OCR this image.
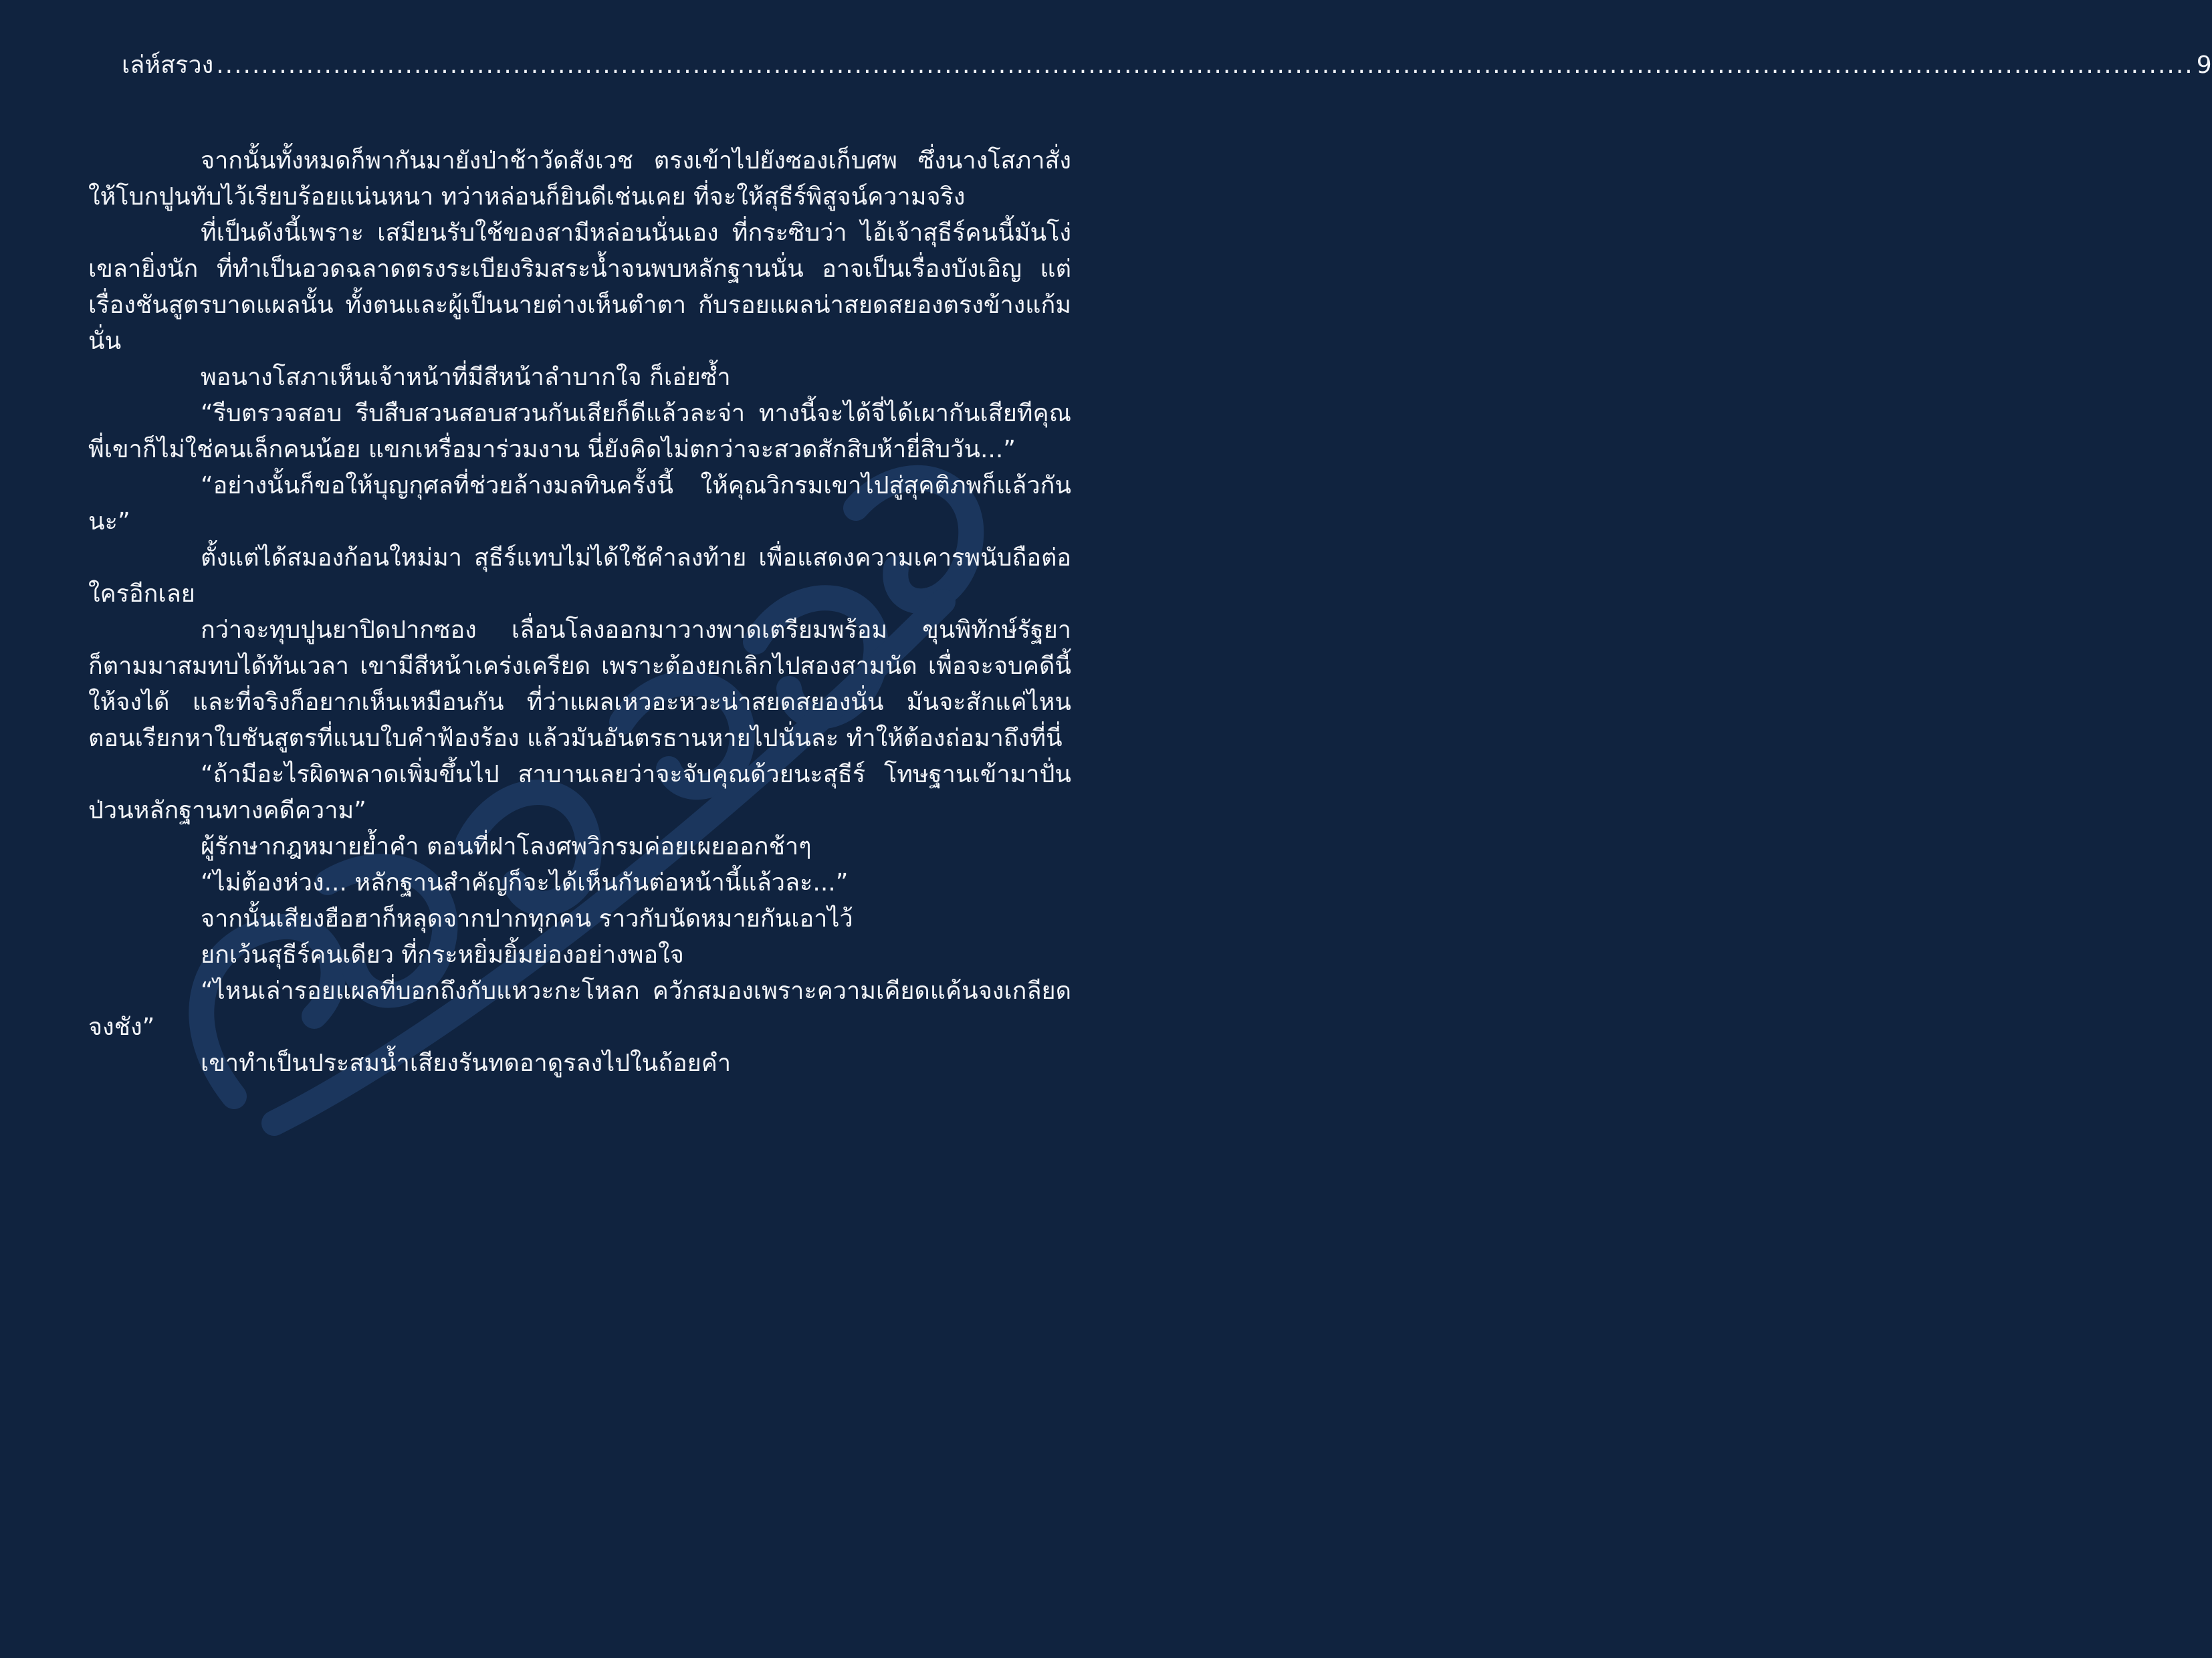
เล่ห์สรวง ............................................................................................................................................................................................................................ 9

จากนั้นทั้งหมดก็พากันมายังป่าช้าวัดสังเวช ตรงเข้าไปยังซองเก็บศพ ซึ่งนางโสภาสั่งให้โบกปูนทับไว้เรียบร้อยแน่นหนา ทว่าหล่อนก็ยินดีเช่นเคย ที่จะให้สุธีร์พิสูจน์ความจริง

ที่เป็นดังนี้เพราะ เสมียนรับใช้ของสามีหล่อนนั่นเอง ที่กระซิบว่า ไอ้เจ้าสุธีร์คนนี้มันโง่เขลายิ่งนัก ที่ทำเป็นอวดฉลาดตรงระเบียงริมสระน้ำจนพบหลักฐานนั่น อาจเป็นเรื่องบังเอิญ แต่เรื่องชันสูตรบาดแผลนั้น ทั้งตนและผู้เป็นนายต่างเห็นตำตา กับรอยแผลน่าสยดสยองตรงข้างแก้มนั่น

พอนางโสภาเห็นเจ้าหน้าที่มีสีหน้าลำบากใจ ก็เอ่ยซ้ำ

“รีบตรวจสอบ รีบสืบสวนสอบสวนกันเสียก็ดีแล้วละจ่า ทางนี้จะได้จี่ได้เผากันเสียทีคุณพี่เขาก็ไม่ใช่คนเล็กคนน้อย แขกเหรื่อมาร่วมงาน นี่ยังคิดไม่ตกว่าจะสวดสักสิบห้ายี่สิบวัน...”

“อย่างนั้นก็ขอให้บุญกุศลที่ช่วยล้างมลทินครั้งนี้ ให้คุณวิกรมเขาไปสู่สุคติภพก็แล้วกันนะ”

ตั้งแต่ได้สมองก้อนใหม่มา สุธีร์แทบไม่ได้ใช้คำลงท้าย เพื่อแสดงความเคารพนับถือต่อใครอีกเลย

กว่าจะทุบปูนยาปิดปากซอง เลื่อนโลงออกมาวางพาดเตรียมพร้อม ขุนพิทักษ์รัฐยาก็ตามมาสมทบได้ทันเวลา เขามีสีหน้าเคร่งเครียด เพราะต้องยกเลิกไปสองสามนัด เพื่อจะจบคดีนี้ให้จงได้ และที่จริงก็อยากเห็นเหมือนกัน ที่ว่าแผลเหวอะหวะน่าสยดสยองนั่น มันจะสักแค่ไหน ตอนเรียกหาใบชันสูตรที่แนบใบคำฟ้องร้อง แล้วมันอันตรธานหายไปนั่นละ ทำให้ต้องถ่อมาถึงที่นี่

“ถ้ามีอะไรผิดพลาดเพิ่มขึ้นไป สาบานเลยว่าจะจับคุณด้วยนะสุธีร์ โทษฐานเข้ามาปั่นป่วนหลักฐานทางคดีความ”

ผู้รักษากฎหมายย้ำคำ ตอนที่ฝาโลงศพวิกรมค่อยเผยออกช้าๆ

“ไม่ต้องห่วง... หลักฐานสำคัญก็จะได้เห็นกันต่อหน้านี้แล้วละ...”

จากนั้นเสียงฮือฮาก็หลุดจากปากทุกคน ราวกับนัดหมายกันเอาไว้

ยกเว้นสุธีร์คนเดียว ที่กระหยิ่มยิ้มย่องอย่างพอใจ

“ไหนเล่ารอยแผลที่บอกถึงกับแหวะกะโหลก ควักสมองเพราะความเคียดแค้นจงเกลียดจงชัง”

เขาทำเป็นประสมน้ำเสียงรันทดอาดูรลงไปในถ้อยคำ
